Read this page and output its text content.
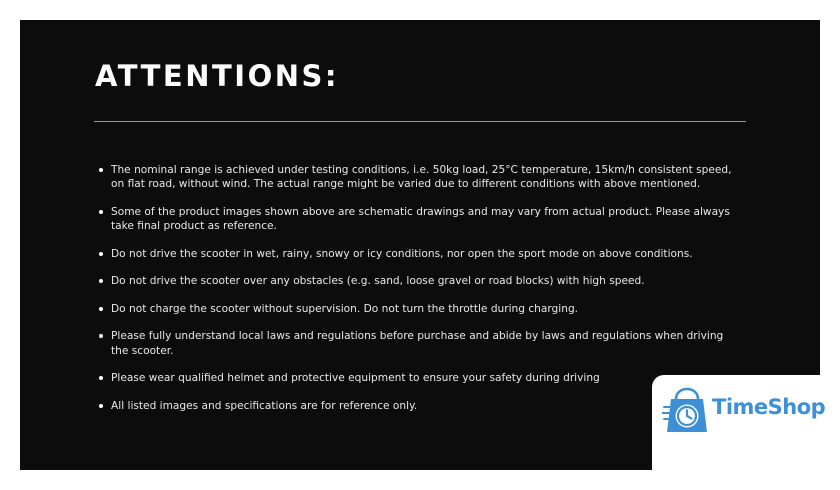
ATTENTIONS:
The nominal range is achieved under testing conditions, i.e. 50kg load, 25°C temperature, 15km/h consistent speed, on flat road, without wind. The actual range might be varied due to different conditions with above mentioned.
Some of the product images shown above are schematic drawings and may vary from actual product. Please always take final product as reference.
Do not drive the scooter in wet, rainy, snowy or icy conditions, nor open the sport mode on above conditions.
Do not drive the scooter over any obstacles (e.g. sand, loose gravel or road blocks) with high speed.
Do not charge the scooter without supervision. Do not turn the throttle during charging.
Please fully understand local laws and regulations before purchase and abide by laws and regulations when driving the scooter.
Please wear qualified helmet and protective equipment to ensure your safety during driving
All listed images and specifications are for reference only.	TimeShop
